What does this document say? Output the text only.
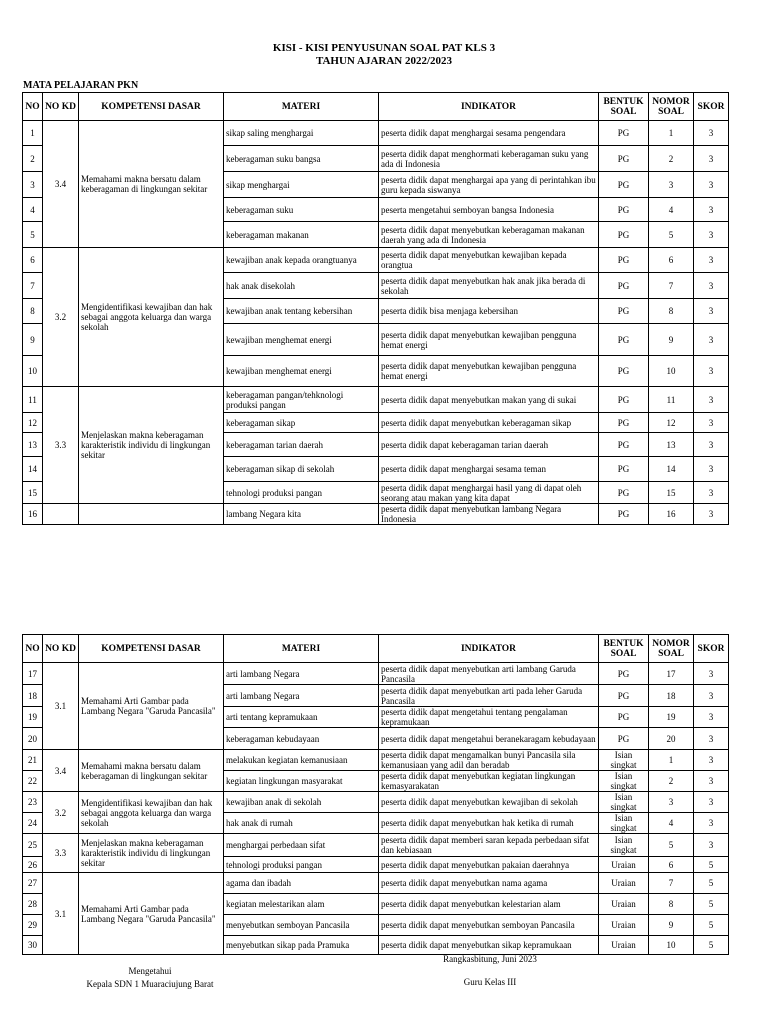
KISI - KISI PENYUSUNAN SOAL PAT KLS 3
TAHUN AJARAN 2022/2023
MATA PELAJARAN PKN
NO	NO KD	KOMPETENSI DASAR	MATERI	INDIKATOR	BENTUK SOAL	NOMOR SOAL	SKOR
1	3.4	Memahami makna bersatu dalam keberagaman di lingkungan sekitar	sikap saling menghargai	peserta didik dapat menghargai sesama pengendara	PG	1	3
2			keberagaman suku bangsa	peserta didik dapat menghormati keberagaman suku yang ada di Indonesia	PG	2	3
3			sikap menghargai	peserta didik dapat menghargai apa yang di perintahkan ibu guru kepada siswanya	PG	3	3
4			keberagaman suku	peserta mengetahui semboyan bangsa Indonesia	PG	4	3
5			keberagaman makanan	peserta didik dapat menyebutkan keberagaman makanan daerah yang ada di Indonesia	PG	5	3
6	3.2	Mengidentifikasi kewajiban dan hak sebagai anggota keluarga dan warga sekolah	kewajiban anak kepada orangtuanya	peserta didik dapat menyebutkan kewajiban kepada orangtua	PG	6	3
7			hak anak disekolah	peserta didik dapat menyebutkan hak anak jika berada di sekolah	PG	7	3
8			kewajiban anak tentang kebersihan	peserta didik bisa menjaga kebersihan	PG	8	3
9			kewajiban menghemat energi	peserta didik dapat menyebutkan kewajiban pengguna hemat energi	PG	9	3
10			kewajiban menghemat energi	peserta didik dapat menyebutkan kewajiban pengguna hemat energi	PG	10	3
11	3.3	Menjelaskan makna keberagaman karakteristik individu di lingkungan sekitar	keberagaman pangan/tehknologi produksi pangan	peserta didik dapat menyebutkan makan yang di sukai	PG	11	3
12			keberagaman sikap	peserta didik dapat menyebutkan keberagaman sikap	PG	12	3
13			keberagaman tarian daerah	peserta didik dapat keberagaman tarian daerah	PG	13	3
14			keberagaman sikap di sekolah	peserta didik dapat menghargai sesama teman	PG	14	3
15			tehnologi produksi pangan	peserta didik dapat menghargai hasil yang di dapat oleh seorang atau makan yang kita dapat	PG	15	3
16			lambang Negara kita	peserta didik dapat menyebutkan lambang Negara Indonesia	PG	16	3
NO	NO KD	KOMPETENSI DASAR	MATERI	INDIKATOR	BENTUK SOAL	NOMOR SOAL	SKOR
17	3.1	Memahami Arti Gambar pada Lambang Negara "Garuda Pancasila"	arti lambang Negara	peserta didik dapat menyebutkan arti lambang Garuda Pancasila	PG	17	3
18			arti lambang Negara	peserta didik dapat menyebutkan arti pada leher Garuda Pancasila	PG	18	3
19			arti tentang kepramukaan	peserta didik dapat mengetahui tentang pengalaman kepramukaan	PG	19	3
20			keberagaman kebudayaan	peserta didik dapat mengetahui beranekaragam kebudayaan	PG	20	3
21	3.4	Memahami makna bersatu dalam keberagaman di lingkungan sekitar	melakukan kegiatan kemanusiaan	peserta didik dapat mengamalkan bunyi Pancasila sila kemanusiaan yang adil dan beradab	Isian singkat	1	3
22			kegiatan lingkungan masyarakat	peserta didik dapat menyebutkan kegiatan lingkungan kemasyarakatan	Isian singkat	2	3
23	3.2	Mengidentifikasi kewajiban dan hak sebagai anggota keluarga dan warga sekolah	kewajiban anak di sekolah	peserta didik dapat menyebutkan kewajiban di sekolah	Isian singkat	3	3
24			hak anak di rumah	peserta didik dapat menyebutkan hak ketika di rumah	Isian singkat	4	3
25	3.3	Menjelaskan makna keberagaman karakteristik individu di lingkungan sekitar	menghargai perbedaan sifat	peserta didik dapat memberi saran kepada perbedaan sifat dan kebiasaan	Isian singkat	5	3
26			tehnologi produksi pangan	peserta didik dapat menyebutkan pakaian daerahnya	Uraian	6	5
27	3.1	Memahami Arti Gambar pada Lambang Negara "Garuda Pancasila"	agama dan ibadah	peserta didik dapat menyebutkan nama agama	Uraian	7	5
28			kegiatan melestarikan alam	peserta didik dapat menyebutkan kelestarian alam	Uraian	8	5
29			menyebutkan semboyan Pancasila	peserta didik dapat menyebutkan semboyan Pancasila	Uraian	9	5
30			menyebutkan sikap pada Pramuka	peserta didik dapat menyebutkan sikap kepramukaan	Uraian	10	5
Mengetahui
Kepala SDN 1 Muaraciujung Barat
Rangkasbitung, Juni 2023
Guru Kelas III
